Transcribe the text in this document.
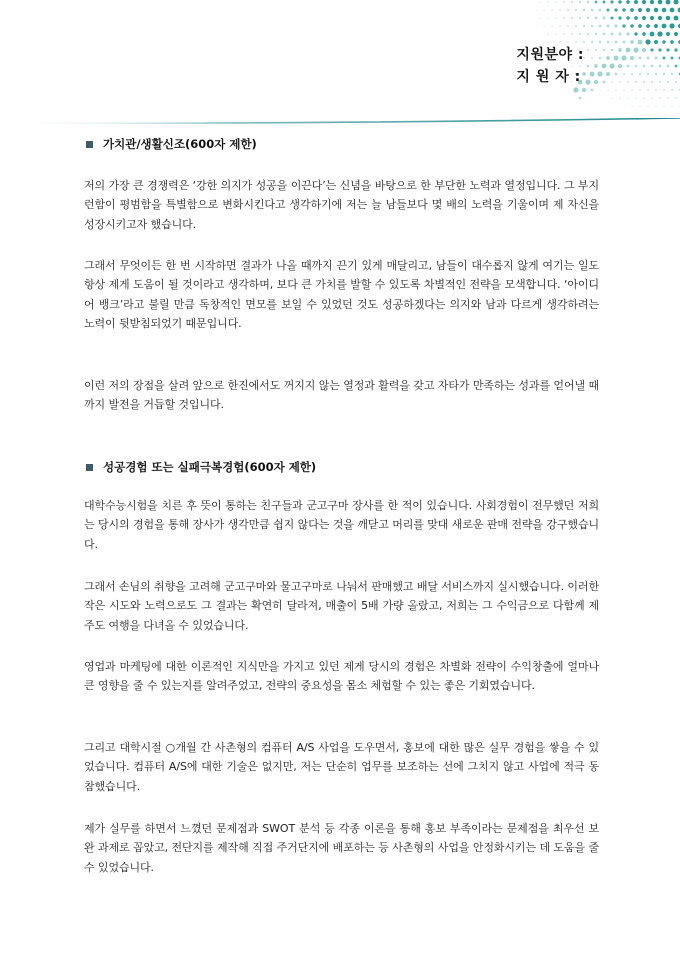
지원분야 :
지 원 자 :
가치관/생활신조(600자 제한)
저의 가장 큰 경쟁력은 ‘강한 의지가 성공을 이끈다’는 신념을 바탕으로 한 부단한 노력과 열정입니다. 그 부지런함이 평범함을 특별함으로 변화시킨다고 생각하기에 저는 늘 남들보다 몇 배의 노력을 기울이며 제 자신을 성장시키고자 했습니다.
그래서 무엇이든 한 번 시작하면 결과가 나올 때까지 끈기 있게 매달리고, 남들이 대수롭지 않게 여기는 일도 항상 제게 도움이 될 것이라고 생각하며, 보다 큰 가치를 발할 수 있도록 차별적인 전략을 모색합니다. ‘아이디어 뱅크’라고 불릴 만큼 독창적인 면모를 보일 수 있었던 것도 성공하겠다는 의지와 남과 다르게 생각하려는 노력이 뒷받침되었기 때문입니다.
이런 저의 장점을 살려 앞으로 한진에서도 꺼지지 않는 열정과 활력을 갖고 자타가 만족하는 성과를 얻어낼 때까지 발전을 거듭할 것입니다.
성공경험 또는 실패극복경험(600자 제한)
대학수능시험을 치른 후 뜻이 통하는 친구들과 군고구마 장사를 한 적이 있습니다. 사회경험이 전무했던 저희는 당시의 경험을 통해 장사가 생각만큼 쉽지 않다는 것을 깨닫고 머리를 맞대 새로운 판매 전략을 강구했습니다.
그래서 손님의 취향을 고려해 군고구마와 물고구마로 나눠서 판매했고 배달 서비스까지 실시했습니다. 이러한 작은 시도와 노력으로도 그 결과는 확연히 달라져, 매출이 5배 가량 올랐고, 저희는 그 수익금으로 다함께 제주도 여행을 다녀올 수 있었습니다.
영업과 마케팅에 대한 이론적인 지식만을 가지고 있던 제게 당시의 경험은 차별화 전략이 수익창출에 얼마나 큰 영향을 줄 수 있는지를 알려주었고, 전략의 중요성을 몸소 체험할 수 있는 좋은 기회였습니다.
그리고 대학시절 ○개월 간 사촌형의 컴퓨터 A/S 사업을 도우면서, 홍보에 대한 많은 실무 경험을 쌓을 수 있었습니다. 컴퓨터 A/S에 대한 기술은 없지만, 저는 단순히 업무를 보조하는 선에 그치지 않고 사업에 적극 동참했습니다.
제가 실무를 하면서 느꼈던 문제점과 SWOT 분석 등 각종 이론을 통해 홍보 부족이라는 문제점을 최우선 보완 과제로 꼽았고, 전단지를 제작해 직접 주거단지에 배포하는 등 사촌형의 사업을 안정화시키는 데 도움을 줄 수 있었습니다.
